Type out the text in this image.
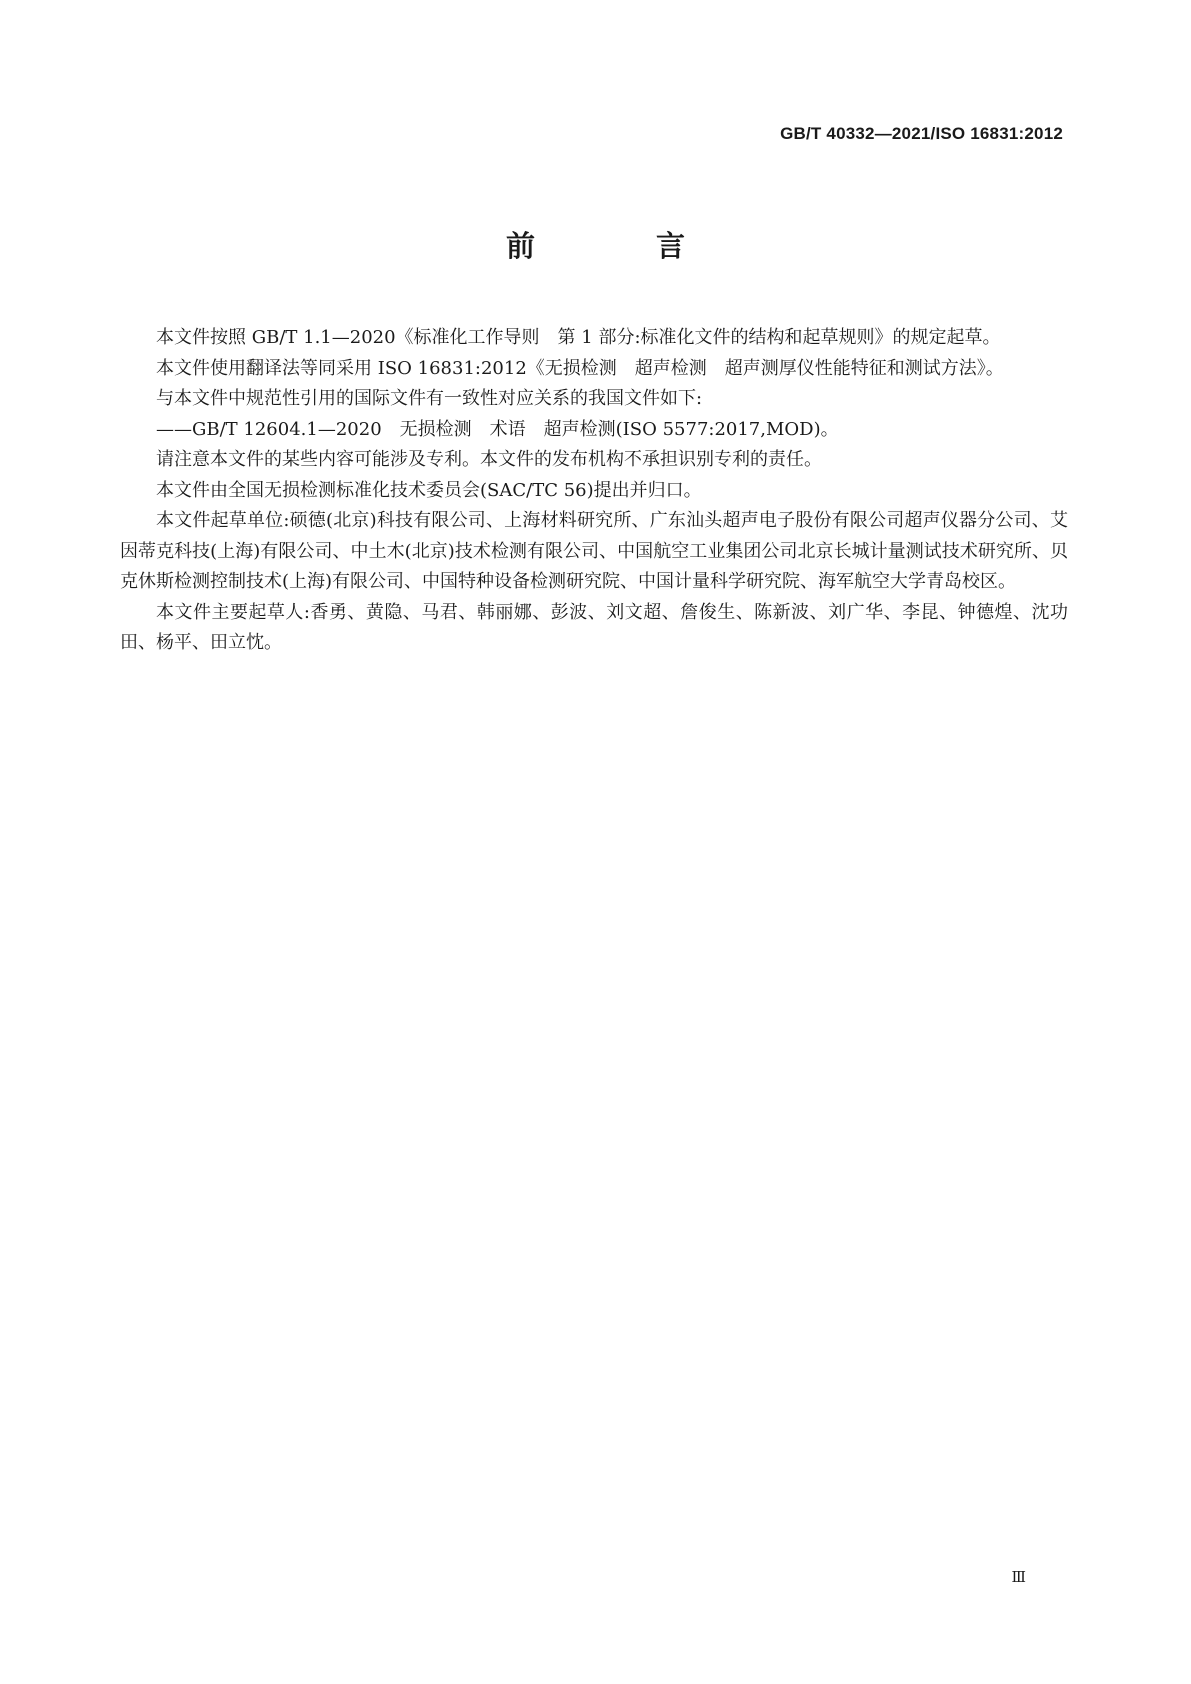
GB/T 40332—2021/ISO 16831:2012
前　言

本文件按照 GB/T 1.1—2020《标准化工作导则　第 1 部分:标准化文件的结构和起草规则》的规定起草。

本文件使用翻译法等同采用 ISO 16831:2012《无损检测　超声检测　超声测厚仪性能特征和测试方法》。

与本文件中规范性引用的国际文件有一致性对应关系的我国文件如下:

——GB/T 12604.1—2020　无损检测　术语　超声检测(ISO 5577:2017,MOD)。

请注意本文件的某些内容可能涉及专利。本文件的发布机构不承担识别专利的责任。

本文件由全国无损检测标准化技术委员会(SAC/TC 56)提出并归口。

本文件起草单位:硕德(北京)科技有限公司、上海材料研究所、广东汕头超声电子股份有限公司超声仪器分公司、艾因蒂克科技(上海)有限公司、中土木(北京)技术检测有限公司、中国航空工业集团公司北京长城计量测试技术研究所、贝克休斯检测控制技术(上海)有限公司、中国特种设备检测研究院、中国计量科学研究院、海军航空大学青岛校区。

本文件主要起草人:香勇、黄隐、马君、韩丽娜、彭波、刘文超、詹俊生、陈新波、刘广华、李昆、钟德煌、沈功田、杨平、田立忱。

Ⅲ
